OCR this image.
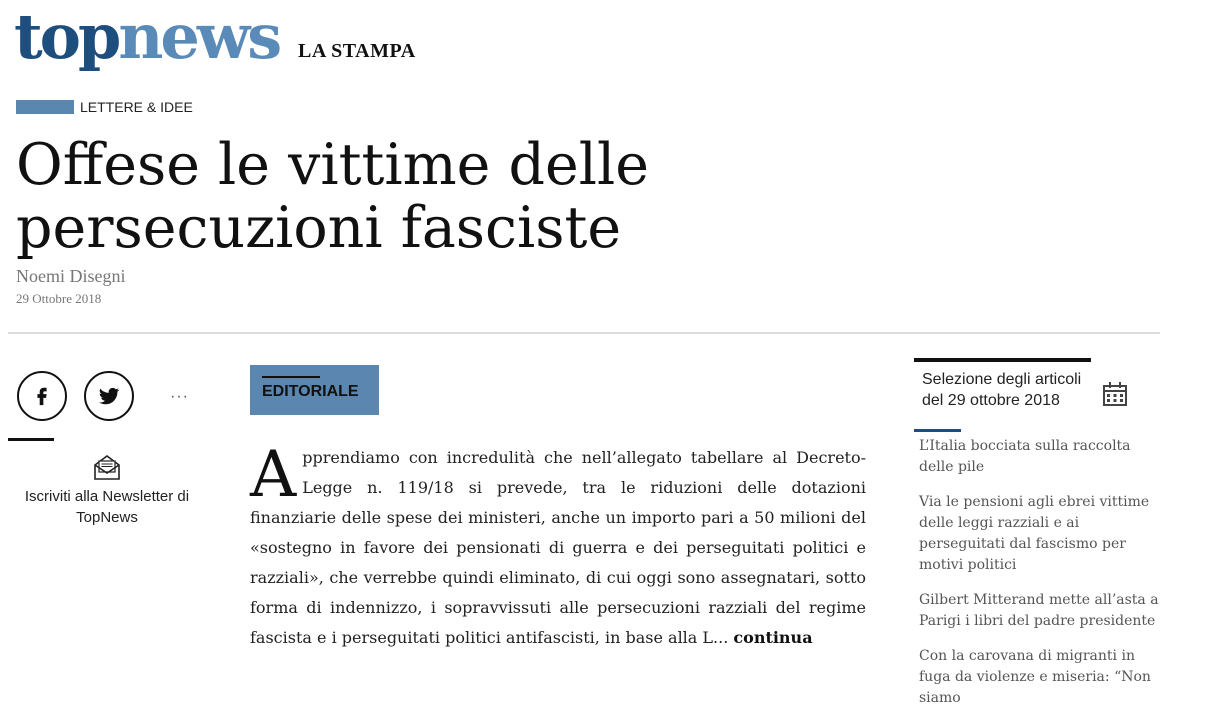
topnews LA STAMPA
LETTERE & IDEE
Offese le vittime delle persecuzioni fasciste
Noemi Disegni
29 Ottobre 2018
···
Iscriviti alla Newsletter di TopNews
EDITORIALE

Apprendiamo con incredulità che nell’allegato tabellare al Decreto-Legge n. 119/18 si prevede, tra le riduzioni delle dotazioni finanziarie delle spese dei ministeri, anche un importo pari a 50 milioni del «sostegno in favore dei pensionati di guerra e dei perseguitati politici e razziali», che verrebbe quindi eliminato, di cui oggi sono assegnatari, sotto forma di indennizzo, i sopravvissuti alle persecuzioni razziali del regime fascista e i perseguitati politici antifascisti, in base alla L... continua

Selezione degli articoli del 29 ottobre 2018
L’Italia bocciata sulla raccolta delle pile
Via le pensioni agli ebrei vittime delle leggi razziali e ai perseguitati dal fascismo per motivi politici
Gilbert Mitterand mette all’asta a Parigi i libri del padre presidente
Con la carovana di migranti in fuga da violenze e miseria: “Non siamo
